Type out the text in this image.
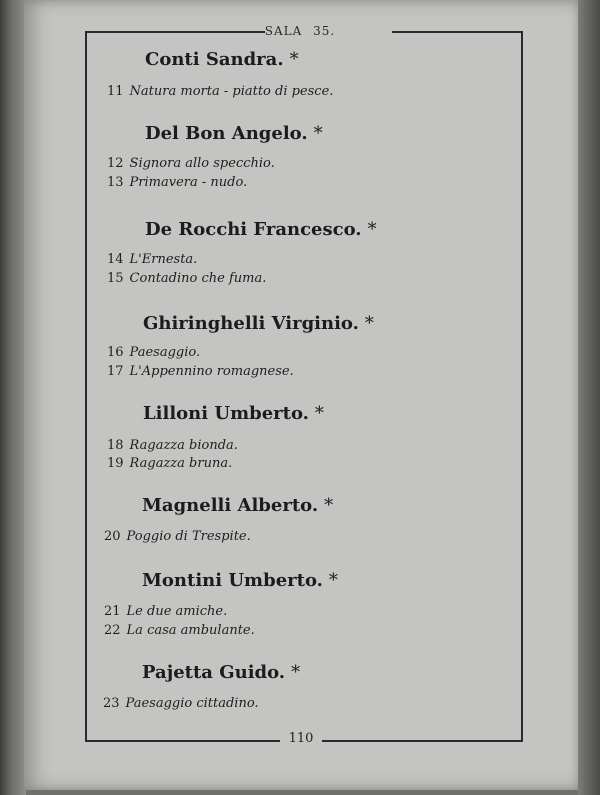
SALA 35.
Conti Sandra. *
11 Natura morta - piatto di pesce.
Del Bon Angelo. *
12 Signora allo specchio.
13 Primavera - nudo.
De Rocchi Francesco. *
14 L'Ernesta.
15 Contadino che fuma.
Ghiringhelli Virginio. *
16 Paesaggio.
17 L'Appennino romagnese.
Lilloni Umberto. *
18 Ragazza bionda.
19 Ragazza bruna.
Magnelli Alberto. *
20 Poggio di Trespite.
Montini Umberto. *
21 Le due amiche.
22 La casa ambulante.
Pajetta Guido. *
23 Paesaggio cittadino.
110
